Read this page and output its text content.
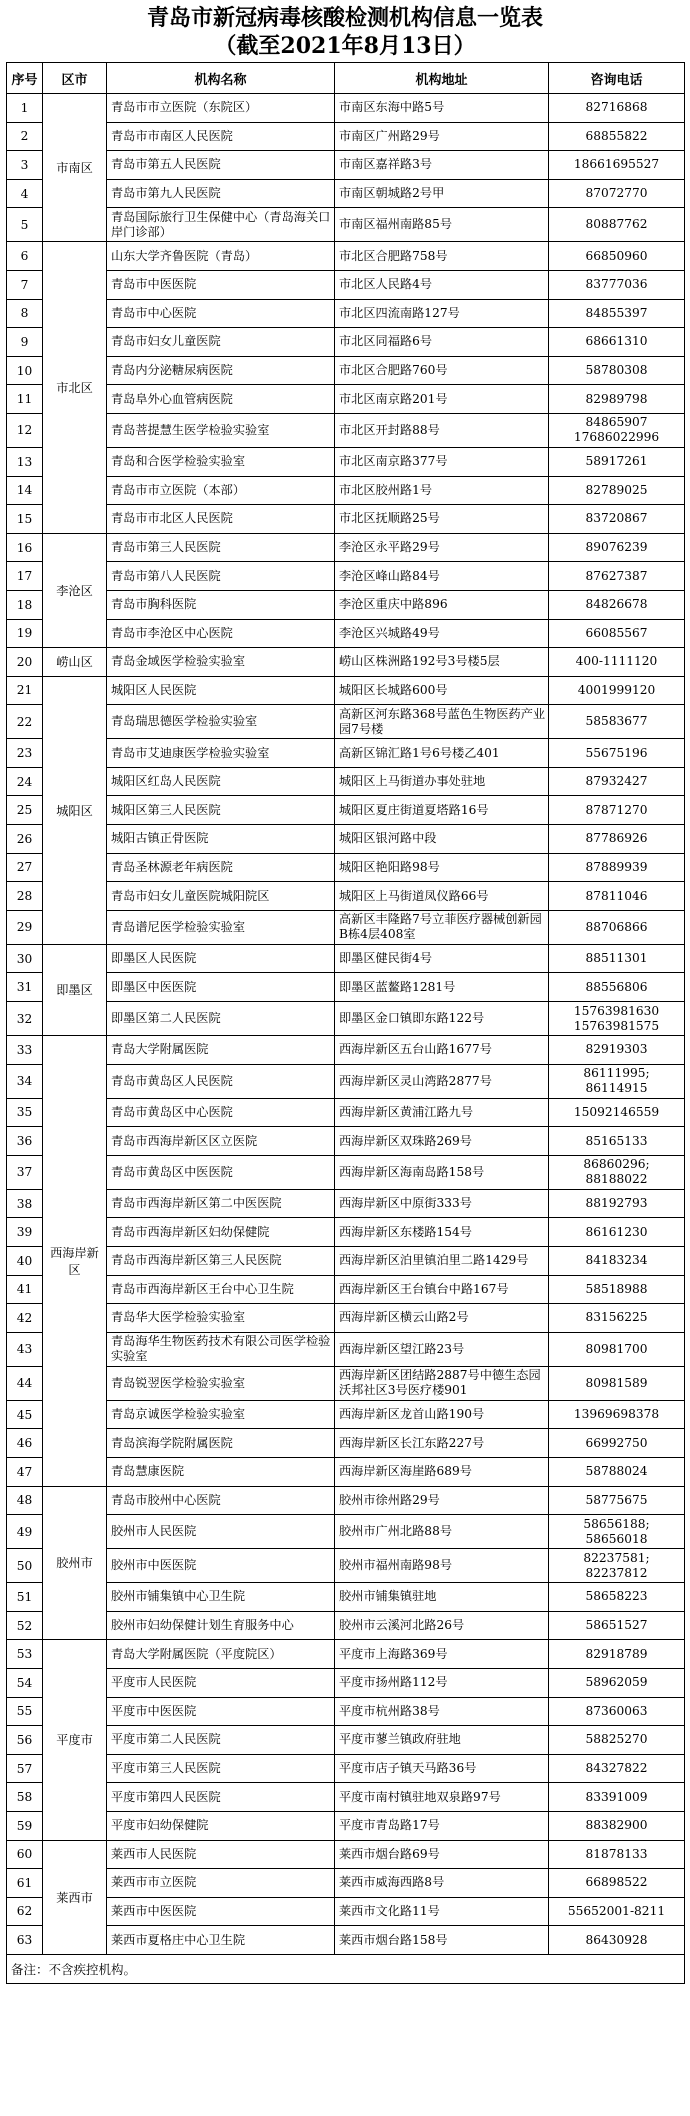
青岛市新冠病毒核酸检测机构信息一览表
（截至2021年8月13日）
序号	区市	机构名称	机构地址	咨询电话
1	市南区	青岛市市立医院（东院区）	市南区东海中路5号	82716868
2		青岛市市南区人民医院	市南区广州路29号	68855822
3		青岛市第五人民医院	市南区嘉祥路3号	18661695527
4		青岛市第九人民医院	市南区朝城路2号甲	87072770
5		青岛国际旅行卫生保健中心（青岛海关口岸门诊部）	市南区福州南路85号	80887762
6	市北区	山东大学齐鲁医院（青岛）	市北区合肥路758号	66850960
7		青岛市中医医院	市北区人民路4号	83777036
8		青岛市中心医院	市北区四流南路127号	84855397
9		青岛市妇女儿童医院	市北区同福路6号	68661310
10		青岛内分泌糖尿病医院	市北区合肥路760号	58780308
11		青岛阜外心血管病医院	市北区南京路201号	82989798
12		青岛菩提慧生医学检验实验室	市北区开封路88号	84865907
17686022996
13		青岛和合医学检验实验室	市北区南京路377号	58917261
14		青岛市市立医院（本部）	市北区胶州路1号	82789025
15		青岛市市北区人民医院	市北区抚顺路25号	83720867
16	李沧区	青岛市第三人民医院	李沧区永平路29号	89076239
17		青岛市第八人民医院	李沧区峰山路84号	87627387
18		青岛市胸科医院	李沧区重庆中路896	84826678
19		青岛市李沧区中心医院	李沧区兴城路49号	66085567
20	崂山区	青岛金域医学检验实验室	崂山区株洲路192号3号楼5层	400-1111120
21	城阳区	城阳区人民医院	城阳区长城路600号	4001999120
22		青岛瑞思德医学检验实验室	高新区河东路368号蓝色生物医药产业园7号楼	58583677
23		青岛市艾迪康医学检验实验室	高新区锦汇路1号6号楼乙401	55675196
24		城阳区红岛人民医院	城阳区上马街道办事处驻地	87932427
25		城阳区第三人民医院	城阳区夏庄街道夏塔路16号	87871270
26		城阳古镇正骨医院	城阳区银河路中段	87786926
27		青岛圣林源老年病医院	城阳区艳阳路98号	87889939
28		青岛市妇女儿童医院城阳院区	城阳区上马街道凤仪路66号	87811046
29		青岛谱尼医学检验实验室	高新区丰隆路7号立菲医疗器械创新园B栋4层408室	88706866
30	即墨区	即墨区人民医院	即墨区健民街4号	88511301
31		即墨区中医医院	即墨区蓝鳌路1281号	88556806
32		即墨区第二人民医院	即墨区金口镇即东路122号	15763981630
15763981575
33	西海岸新区	青岛大学附属医院	西海岸新区五台山路1677号	82919303
34		青岛市黄岛区人民医院	西海岸新区灵山湾路2877号	86111995;
86114915
35		青岛市黄岛区中心医院	西海岸新区黄浦江路九号	15092146559
36		青岛市西海岸新区区立医院	西海岸新区双珠路269号	85165133
37		青岛市黄岛区中医医院	西海岸新区海南岛路158号	86860296;
88188022
38		青岛市西海岸新区第二中医医院	西海岸新区中原街333号	88192793
39		青岛市西海岸新区妇幼保健院	西海岸新区东楼路154号	86161230
40		青岛市西海岸新区第三人民医院	西海岸新区泊里镇泊里二路1429号	84183234
41		青岛市西海岸新区王台中心卫生院	西海岸新区王台镇台中路167号	58518988
42		青岛华大医学检验实验室	西海岸新区横云山路2号	83156225
43		青岛海华生物医药技术有限公司医学检验实验室	西海岸新区望江路23号	80981700
44		青岛锐翌医学检验实验室	西海岸新区团结路2887号中德生态园沃邦社区3号医疗楼901	80981589
45		青岛京诚医学检验实验室	西海岸新区龙首山路190号	13969698378
46		青岛滨海学院附属医院	西海岸新区长江东路227号	66992750
47		青岛慧康医院	西海岸新区海崖路689号	58788024
48	胶州市	青岛市胶州中心医院	胶州市徐州路29号	58775675
49		胶州市人民医院	胶州市广州北路88号	58656188;
58656018
50		胶州市中医医院	胶州市福州南路98号	82237581;
82237812
51		胶州市铺集镇中心卫生院	胶州市铺集镇驻地	58658223
52		胶州市妇幼保健计划生育服务中心	胶州市云溪河北路26号	58651527
53	平度市	青岛大学附属医院（平度院区）	平度市上海路369号	82918789
54		平度市人民医院	平度市扬州路112号	58962059
55		平度市中医医院	平度市杭州路38号	87360063
56		平度市第二人民医院	平度市蓼兰镇政府驻地	58825270
57		平度市第三人民医院	平度市店子镇天马路36号	84327822
58		平度市第四人民医院	平度市南村镇驻地双泉路97号	83391009
59		平度市妇幼保健院	平度市青岛路17号	88382900
60	莱西市	莱西市人民医院	莱西市烟台路69号	81878133
61		莱西市市立医院	莱西市威海西路8号	66898522
62		莱西市中医医院	莱西市文化路11号	55652001-8211
63		莱西市夏格庄中心卫生院	莱西市烟台路158号	86430928
备注：不含疾控机构。				
